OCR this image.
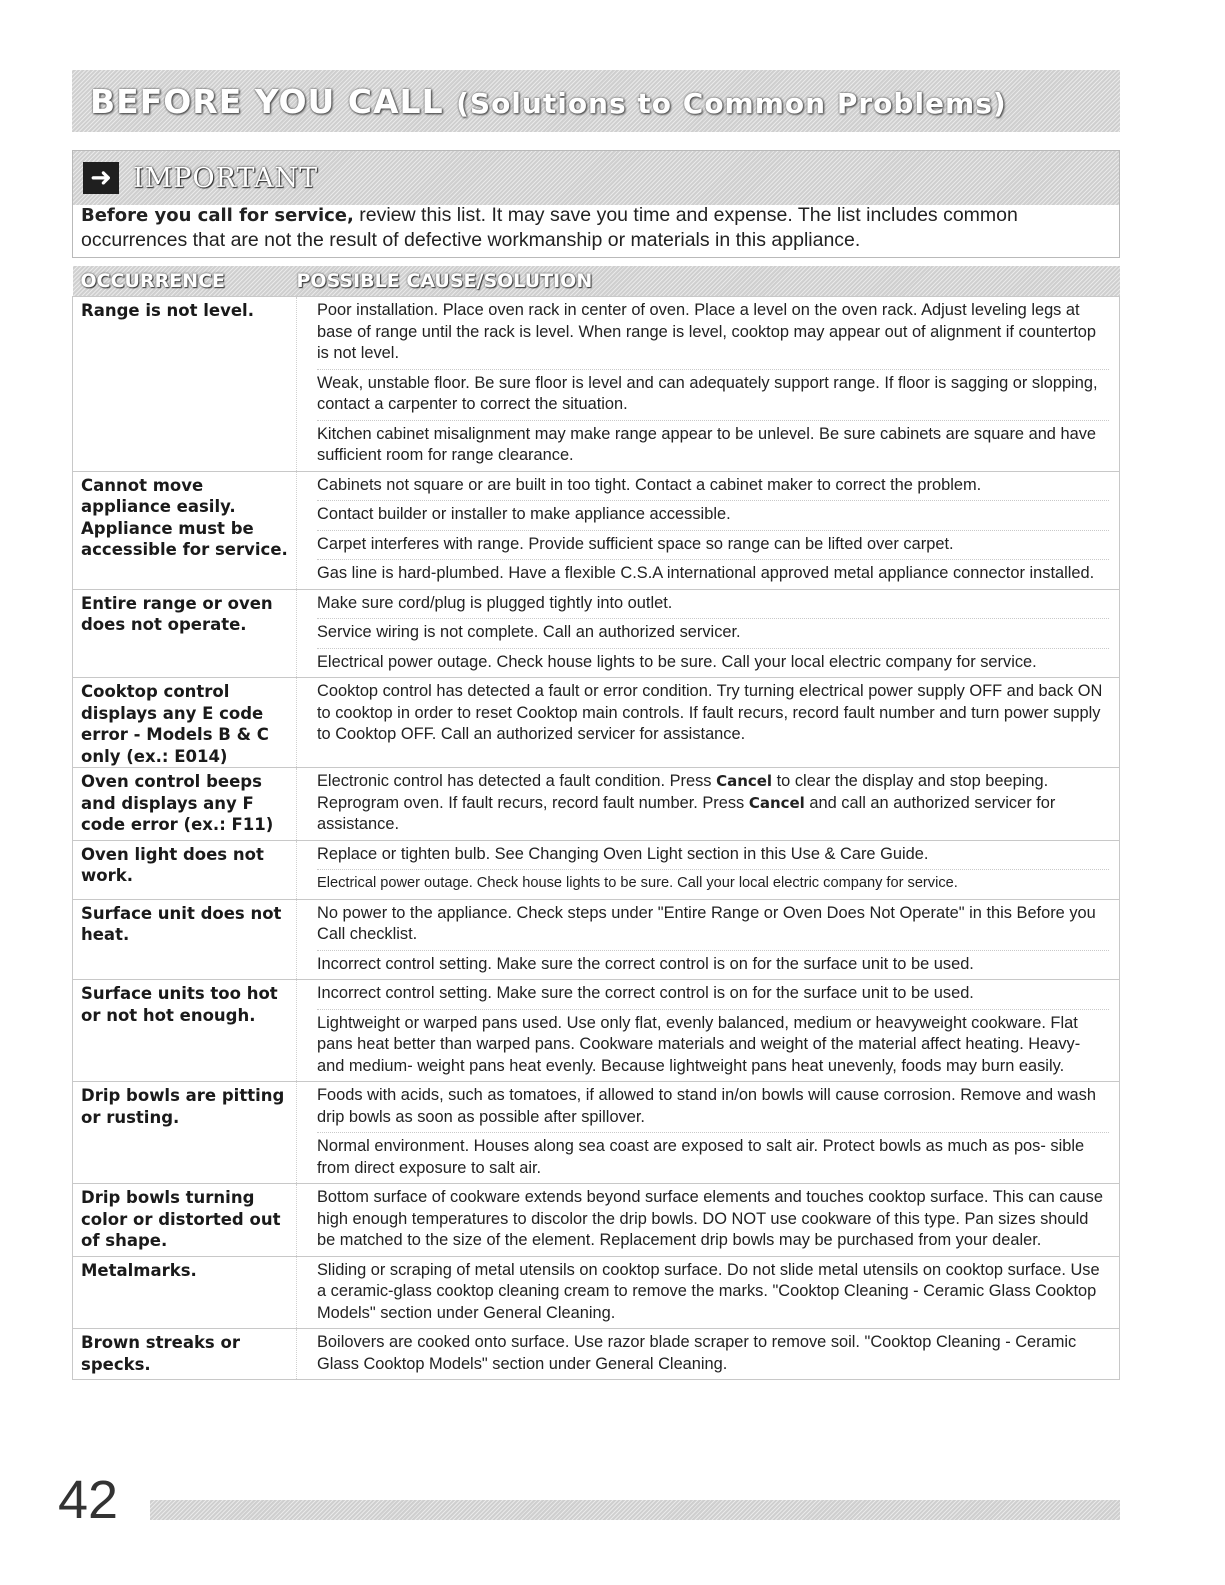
BEFORE YOU CALL (Solutions to Common Problems)
➜ IMPORTANT
Before you call for service, review this list. It may save you time and expense. The list includes common occurrences that are not the result of defective workmanship or materials in this appliance.
OCCURRENCE	POSSIBLE CAUSE/SOLUTION
Range is not level.	Poor installation. Place oven rack in center of oven. Place a level on the oven rack. Adjust leveling legs at base of range until the rack is level. When range is level, cooktop may appear out of alignment if countertop is not level.
Weak, unstable floor. Be sure floor is level and can adequately support range. If floor is sagging or slopping, contact a carpenter to correct the situation.
Kitchen cabinet misalignment may make range appear to be unlevel. Be sure cabinets are square and have sufficient room for range clearance.

Cannot move appliance easily. Appliance must be accessible for service.	Cabinets not square or are built in too tight. Contact a cabinet maker to correct the problem.
Contact builder or installer to make appliance accessible.
Carpet interferes with range. Provide sufficient space so range can be lifted over carpet.
Gas line is hard-plumbed. Have a flexible C.S.A international approved metal appliance connector installed.

Entire range or oven does not operate.	Make sure cord/plug is plugged tightly into outlet.
Service wiring is not complete. Call an authorized servicer.
Electrical power outage. Check house lights to be sure. Call your local electric company for service.

Cooktop control displays any E code error - Models B & C only (ex.: E014)	Cooktop control has detected a fault or error condition. Try turning electrical power supply OFF and back ON to cooktop in order to reset Cooktop main controls. If fault recurs, record fault number and turn power supply to Cooktop OFF. Call an authorized servicer for assistance.

Oven control beeps and displays any F code error (ex.: F11)	Electronic control has detected a fault condition. Press Cancel to clear the display and stop beeping. Reprogram oven. If fault recurs, record fault number. Press Cancel and call an authorized servicer for assistance.

Oven light does not work.	Replace or tighten bulb. See Changing Oven Light section in this Use & Care Guide.
Electrical power outage. Check house lights to be sure. Call your local electric company for service.

Surface unit does not heat.	No power to the appliance. Check steps under "Entire Range or Oven Does Not Operate" in this Before you Call checklist.
Incorrect control setting. Make sure the correct control is on for the surface unit to be used.

Surface units too hot or not hot enough.	Incorrect control setting. Make sure the correct control is on for the surface unit to be used.
Lightweight or warped pans used. Use only flat, evenly balanced, medium or heavyweight cookware. Flat pans heat better than warped pans. Cookware materials and weight of the material affect heating. Heavy- and medium- weight pans heat evenly. Because lightweight pans heat unevenly, foods may burn easily.

Drip bowls are pitting or rusting.	Foods with acids, such as tomatoes, if allowed to stand in/on bowls will cause corrosion. Remove and wash drip bowls as soon as possible after spillover.
Normal environment. Houses along sea coast are exposed to salt air. Protect bowls as much as pos- sible from direct exposure to salt air.

Drip bowls turning color or distorted out of shape.	Bottom surface of cookware extends beyond surface elements and touches cooktop surface. This can cause high enough temperatures to discolor the drip bowls. DO NOT use cookware of this type. Pan sizes should be matched to the size of the element. Replacement drip bowls may be purchased from your dealer.

Metalmarks.	Sliding or scraping of metal utensils on cooktop surface. Do not slide metal utensils on cooktop surface. Use a ceramic-glass cooktop cleaning cream to remove the marks. "Cooktop Cleaning - Ceramic Glass Cooktop Models" section under General Cleaning.

Brown streaks or specks.	Boilovers are cooked onto surface. Use razor blade scraper to remove soil. "Cooktop Cleaning - Ceramic Glass Cooktop Models" section under General Cleaning.
42
